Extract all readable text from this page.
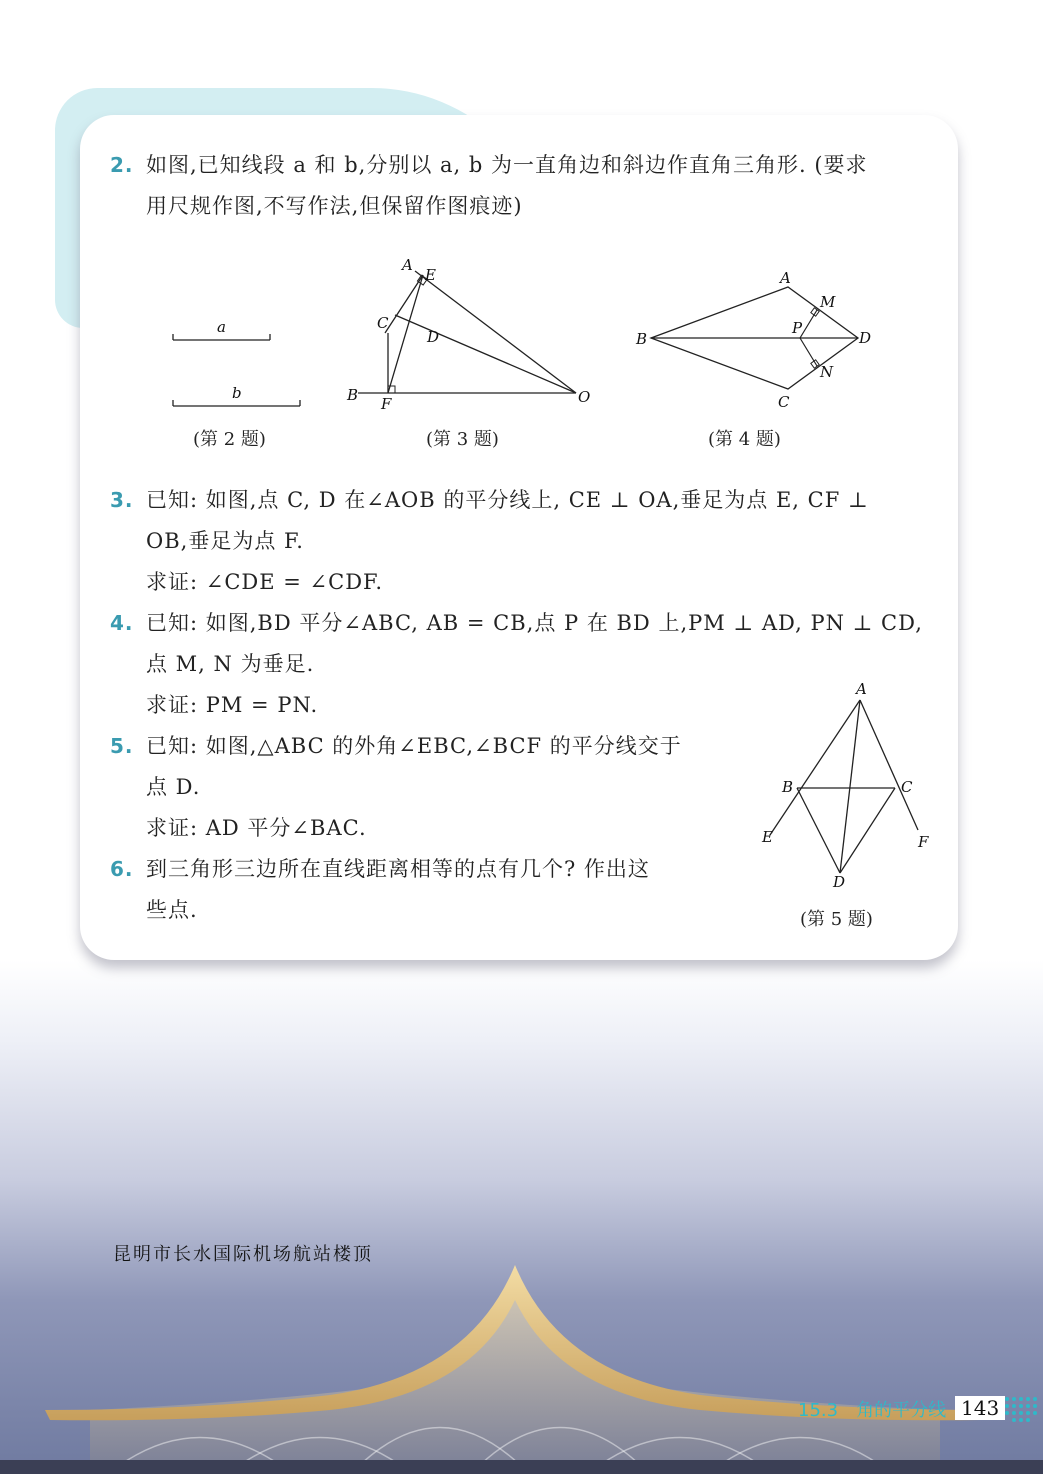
2. 如图,已知线段 a 和 b,分别以 a, b 为一直角边和斜边作直角三角形. (要求
用尺规作图,不写作法,但保留作图痕迹)
a
b
(第 2 题)
A
E
C
D
B F	O
(第 3 题)
A
M
P
B	D
N
C
(第 4 题)
3. 已知: 如图,点 C, D 在∠AOB 的平分线上, CE ⊥ OA,垂足为点 E, CF ⊥
OB,垂足为点 F.
求证: ∠CDE = ∠CDF.
4. 已知: 如图,BD 平分∠ABC, AB = CB,点 P 在 BD 上,PM ⊥ AD, PN ⊥ CD,
点 M, N 为垂足.
求证: PM = PN.
5. 已知: 如图,△ABC 的外角∠EBC,∠BCF 的平分线交于
点 D.
求证: AD 平分∠BAC.
6. 到三角形三边所在直线距离相等的点有几个? 作出这
些点.
A
B	C
E	F
D
(第 5 题)
昆明市长水国际机场航站楼顶
15.3　角的平分线 143
